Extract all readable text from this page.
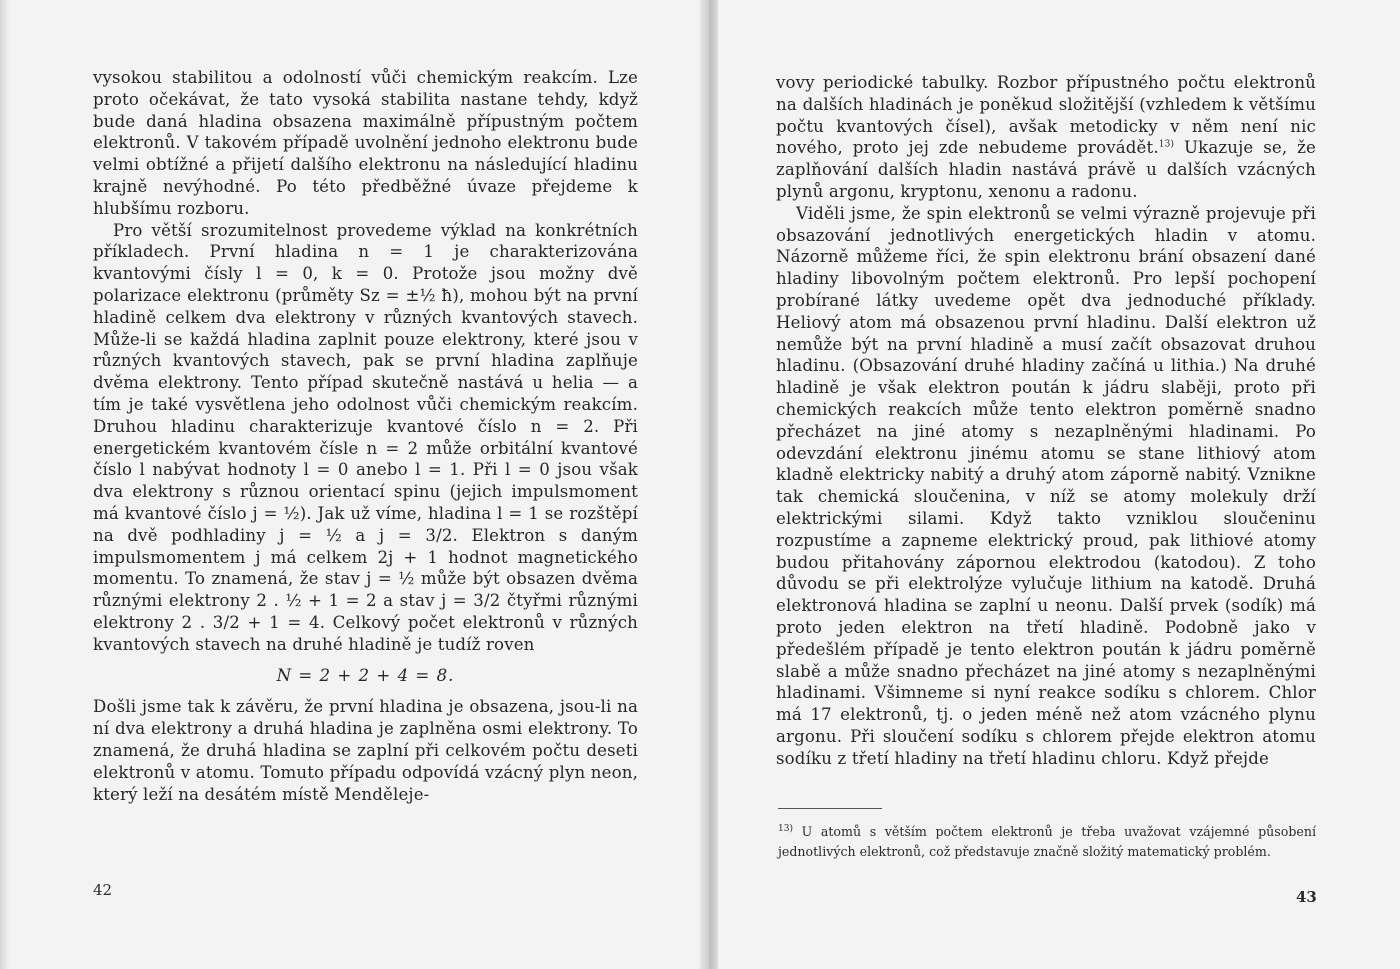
vysokou stabilitou a odolností vůči chemickým reakcím. Lze proto očekávat, že tato vysoká stabilita nastane tehdy, když bude daná hladina obsazena maximálně přípustným počtem elektronů. V takovém případě uvolnění jednoho elektronu bude velmi obtížné a přijetí dalšího elektronu na následující hladinu krajně nevýhodné. Po této předběžné úvaze přejdeme k hlubšímu rozboru.

Pro větší srozumitelnost provedeme výklad na konkrétních příkladech. První hladina n = 1 je charakterizována kvantovými čísly l = 0, k = 0. Protože jsou možny dvě polarizace elektronu (průměty Sz = ±½ ħ), mohou být na první hladině celkem dva elektrony v různých kvantových stavech. Může-li se každá hladina zaplnit pouze elektrony, které jsou v různých kvantových stavech, pak se první hladina zaplňuje dvěma elektrony. Tento případ skutečně nastává u helia — a tím je také vysvětlena jeho odolnost vůči chemickým reakcím. Druhou hladinu charakterizuje kvantové číslo n = 2. Při energetickém kvantovém čísle n = 2 může orbitální kvantové číslo l nabývat hodnoty l = 0 anebo l = 1. Při l = 0 jsou však dva elektrony s různou orientací spinu (jejich impulsmoment má kvantové číslo j = ½). Jak už víme, hladina l = 1 se rozštěpí na dvě podhladiny j = ½ a j = 3/2. Elektron s daným impulsmomentem j má celkem 2j + 1 hodnot magnetického momentu. To znamená, že stav j = ½ může být obsazen dvěma různými elektrony 2 . ½ + 1 = 2 a stav j = 3/2 čtyřmi různými elektrony 2 . 3/2 + 1 = 4. Celkový počet elektronů v různých kvantových stavech na druhé hladině je tudíž roven

N = 2 + 2 + 4 = 8.

Došli jsme tak k závěru, že první hladina je obsazena, jsou-li na ní dva elektrony a druhá hladina je zaplněna osmi elektrony. To znamená, že druhá hladina se zaplní při celkovém počtu deseti elektronů v atomu. Tomuto případu odpovídá vzácný plyn neon, který leží na desátém místě Mendělejе-

42

vovy periodické tabulky. Rozbor přípustného počtu elektronů na dalších hladinách je poněkud složitější (vzhledem k většímu počtu kvantových čísel), avšak metodicky v něm není nic nového, proto jej zde nebudeme provádět.$^{13)}$ Ukazuje se, že zaplňování dalších hladin nastává právě u dalších vzácných plynů argonu, kryptonu, xenonu a radonu.

Viděli jsme, že spin elektronů se velmi výrazně projevuje při obsazování jednotlivých energetických hladin v atomu. Názorně můžeme říci, že spin elektronu brání obsazení dané hladiny libovolným počtem elektronů. Pro lepší pochopení probírané látky uvedeme opět dva jednoduché příklady. Heliový atom má obsazenou první hladinu. Další elektron už nemůže být na první hladině a musí začít obsazovat druhou hladinu. (Obsazování druhé hladiny začíná u lithia.) Na druhé hladině je však elektron poután k jádru slaběji, proto při chemických reakcích může tento elektron poměrně snadno přecházet na jiné atomy s nezaplněnými hladinami. Po odevzdání elektronu jinému atomu se stane lithiový atom kladně elektricky nabitý a druhý atom záporně nabitý. Vznikne tak chemická sloučenina, v níž se atomy molekuly drží elektrickými silami. Když takto vzniklou sloučeninu rozpustíme a zapneme elektrický proud, pak lithiové atomy budou přitahovány zápornou elektrodou (katodou). Z toho důvodu se při elektrolýze vylučuje lithium na katodě. Druhá elektronová hladina se zaplní u neonu. Další prvek (sodík) má proto jeden elektron na třetí hladině. Podobně jako v předešlém případě je tento elektron poután k jádru poměrně slabě a může snadno přecházet na jiné atomy s nezaplněnými hladinami. Všimneme si nyní reakce sodíku s chlorem. Chlor má 17 elektronů, tj. o jeden méně než atom vzácného plynu argonu. Při sloučení sodíku s chlorem přejde elektron atomu sodíku z třetí hladiny na třetí hladinu chloru. Když přejde

$^{13)}$ U atomů s větším počtem elektronů je třeba uvažovat vzájemné působení jednotlivých elektronů, což představuje značně složitý matematický problém.
43
